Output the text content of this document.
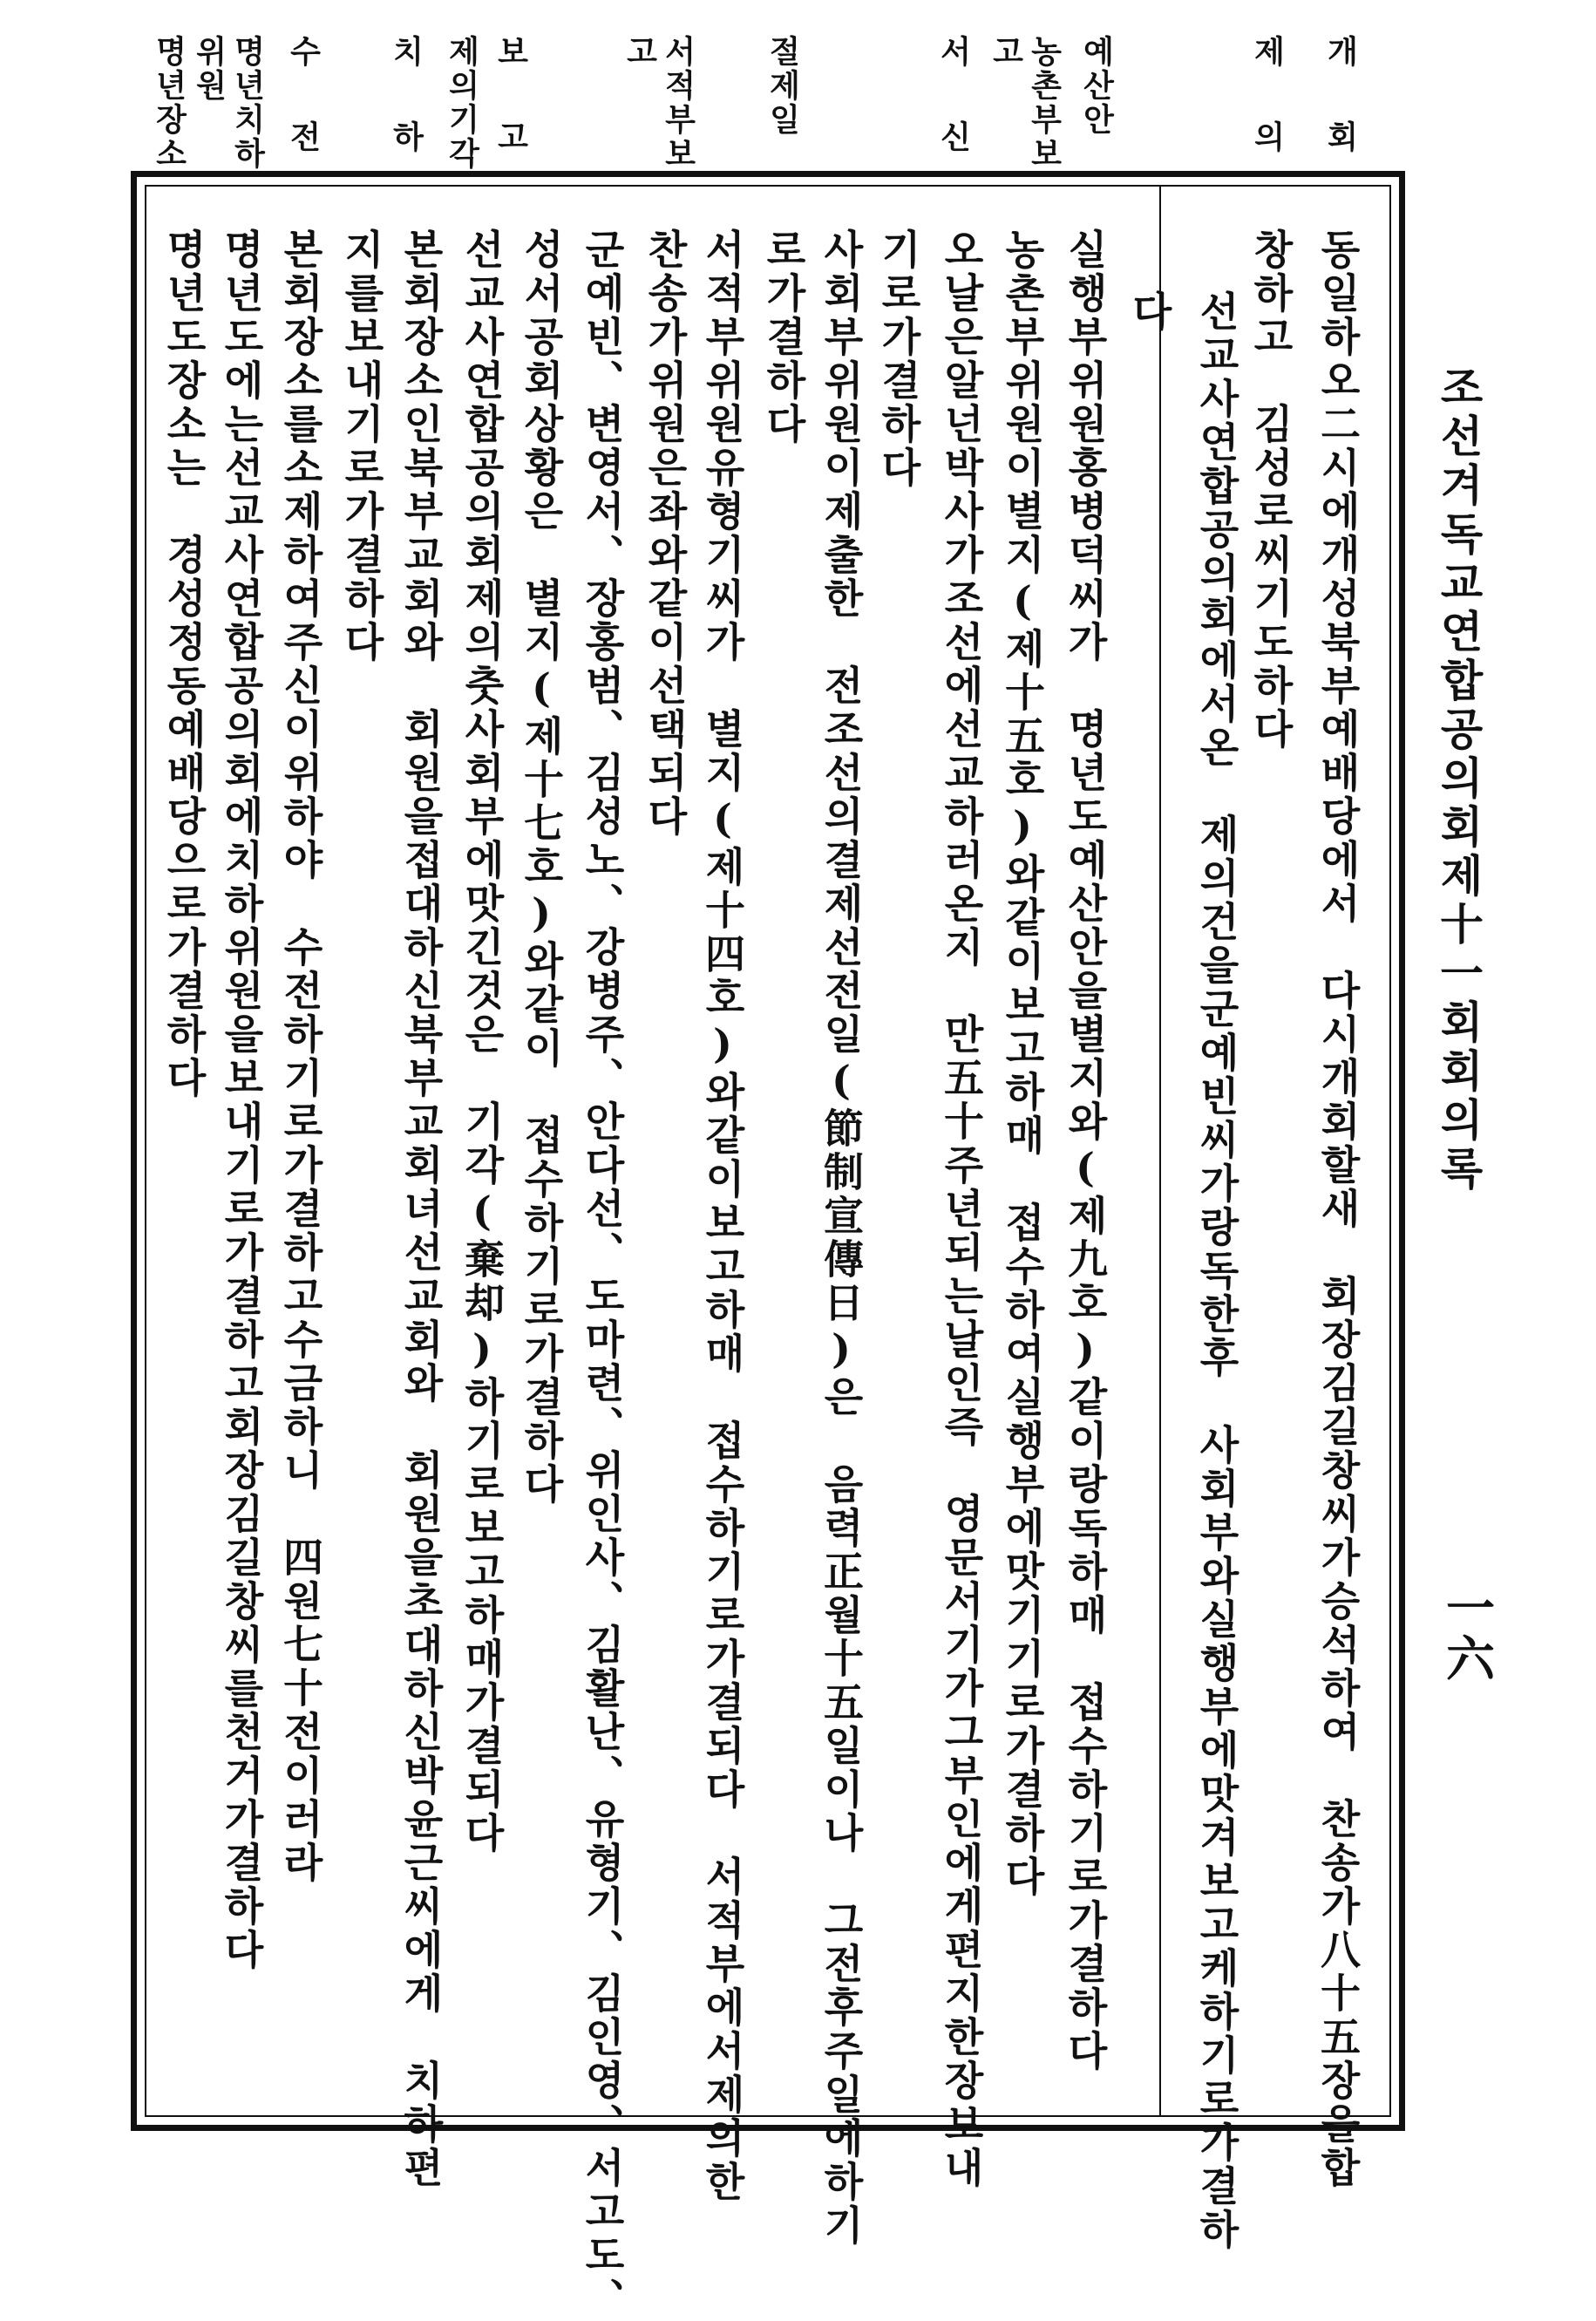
조선겨독교연합공의회제十一회회의록
一六
개
회
제
의
예산안
농촌부보
고
서
신
절제일
서적부보
고
보
고
제의기각
치
하
수
전
명년치하
위원
명년장소
동일하오二시에개성북부예배당에서　다시개회할새　회장김길창씨가승석하여　찬송가八十五장을합
창하고　김성로씨기도하다
선교사연합공의회에서온　제의건을군예빈씨가랑독한후　사회부와실행부에맛겨보고케하기로가결하
다
실행부위원홍병덕씨가　명년도예산안을별지와(제九호)같이랑독하매　접수하기로가결하다
농촌부위원이별지(제十五호)와같이보고하매　접수하여실행부에맛기기로가결하다
오날은알넌박사가조선에선교하러온지　만五十주년되는날인즉　영문서기가그부인에게편지한장보내
기로가결하다
사회부위원이제출한　전조선의결제선전일(節制宣傳日)은　음력正월十五일이나　그전후주일에하기
로가결하다
서적부위원유형기씨가　별지(제十四호)와같이보고하매　접수하기로가결되다　서적부에서제의한
찬송가위원은좌와같이선택되다
군예빈、변영서、장홍범、김성노、강병주、안다선、도마련、위인사、김활난、유형기、김인영、서고도、
성서공회상황은　별지(제十七호)와같이　접수하기로가결하다
선교사연합공의회제의춧사회부에맛긴것은　기각(棄却)하기로보고하매가결되다
본회장소인북부교회와　회원을접대하신북부교회녀선교회와　회원을초대하신박윤근씨에게　치하편
지를보내기로가결하다
본회장소를소제하여주신이위하야　수전하기로가결하고수금하니　四원七十전이러라
명년도에는선교사연합공의회에치하위원을보내기로가결하고회장김길창씨를천거가결하다
명년도장소는　경성정동예배당으로가결하다
